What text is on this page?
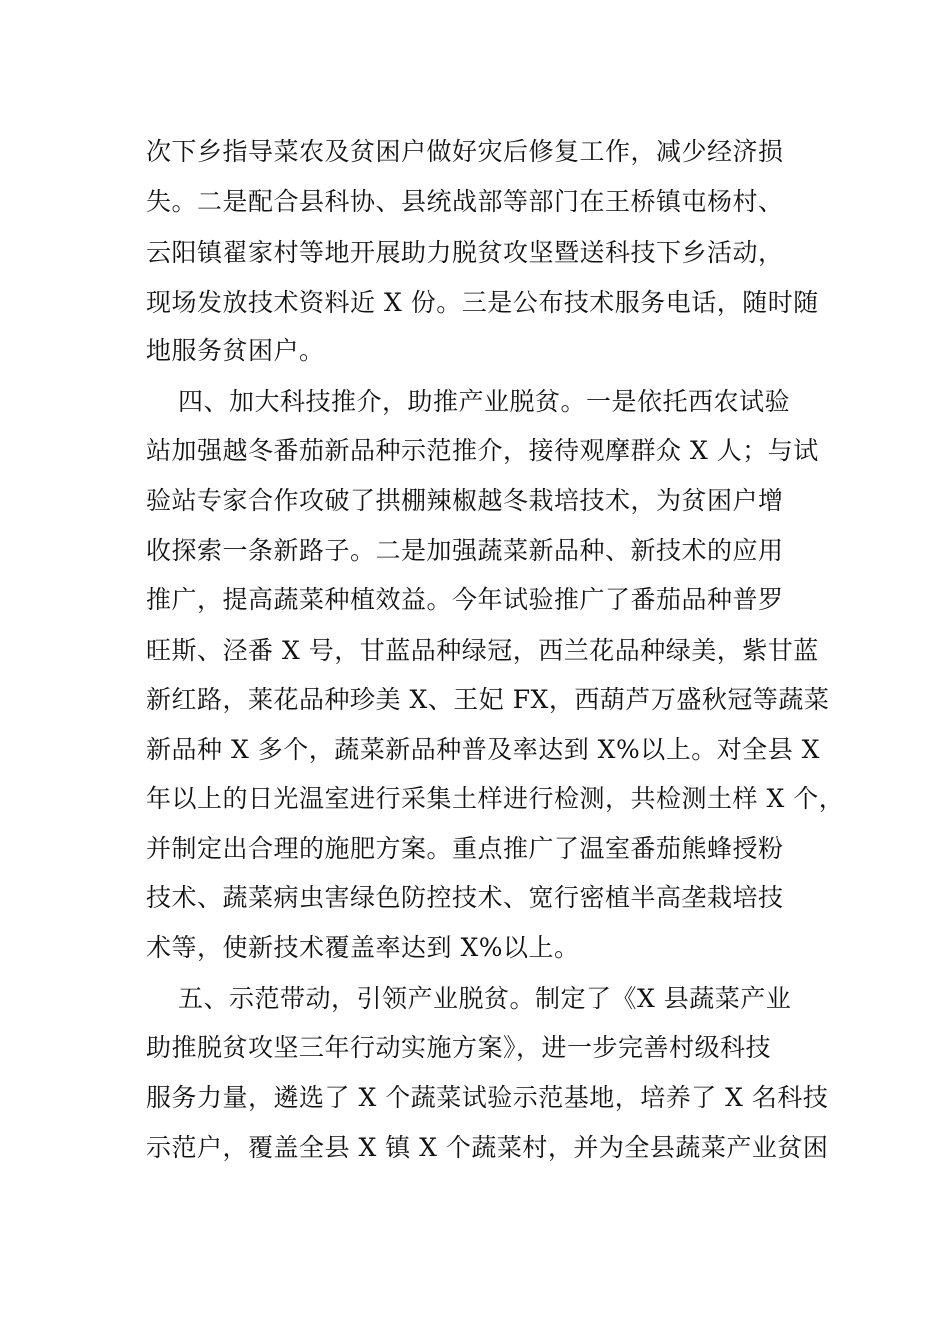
次下乡指导菜农及贫困户做好灾后修复工作，减少经济损
失。二是配合县科协、县统战部等部门在王桥镇屯杨村、
云阳镇翟家村等地开展助力脱贫攻坚暨送科技下乡活动，
现场发放技术资料近 X 份。三是公布技术服务电话，随时随
地服务贫困户。
四、加大科技推介，助推产业脱贫。一是依托西农试验
站加强越冬番茄新品种示范推介，接待观摩群众 X 人；与试
验站专家合作攻破了拱棚辣椒越冬栽培技术，为贫困户增
收探索一条新路子。二是加强蔬菜新品种、新技术的应用
推广，提高蔬菜种植效益。今年试验推广了番茄品种普罗
旺斯、泾番 X 号，甘蓝品种绿冠，西兰花品种绿美，紫甘蓝
新红路，莱花品种珍美 X、王妃 FX，西葫芦万盛秋冠等蔬菜
新品种 X 多个，蔬菜新品种普及率达到 X%以上。对全县 X
年以上的日光温室进行采集土样进行检测，共检测土样 X 个，
并制定出合理的施肥方案。重点推广了温室番茄熊蜂授粉
技术、蔬菜病虫害绿色防控技术、宽行密植半高垄栽培技
术等，使新技术覆盖率达到 X%以上。
五、示范带动，引领产业脱贫。制定了《X 县蔬菜产业
助推脱贫攻坚三年行动实施方案》，进一步完善村级科技
服务力量，遴选了 X 个蔬菜试验示范基地，培养了 X 名科技
示范户，覆盖全县 X 镇 X 个蔬菜村，并为全县蔬菜产业贫困
